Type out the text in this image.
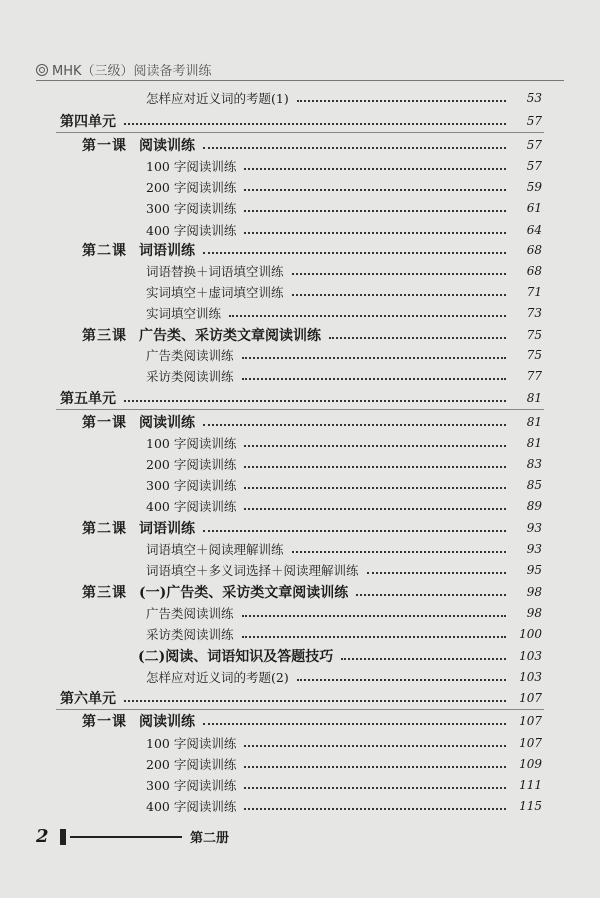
MHK（三级）阅读备考训练
怎样应对近义词的考题(1)	53
第四单元	57
第一课 阅读训练	57
100 字阅读训练	57
200 字阅读训练	59
300 字阅读训练	61
400 字阅读训练	64
第二课 词语训练	68
词语替换＋词语填空训练	68
实词填空＋虚词填空训练	71
实词填空训练	73
第三课 广告类、采访类文章阅读训练	75
广告类阅读训练	75
采访类阅读训练	77
第五单元	81
第一课 阅读训练	81
100 字阅读训练	81
200 字阅读训练	83
300 字阅读训练	85
400 字阅读训练	89
第二课 词语训练	93
词语填空＋阅读理解训练	93
词语填空＋多义词选择＋阅读理解训练	95
第三课 (一)广告类、采访类文章阅读训练	98
广告类阅读训练	98
采访类阅读训练	100
(二)阅读、词语知识及答题技巧	103
怎样应对近义词的考题(2)	103
第六单元	107
第一课 阅读训练	107
100 字阅读训练	107
200 字阅读训练	109
300 字阅读训练	111
400 字阅读训练	115
2	第二册
